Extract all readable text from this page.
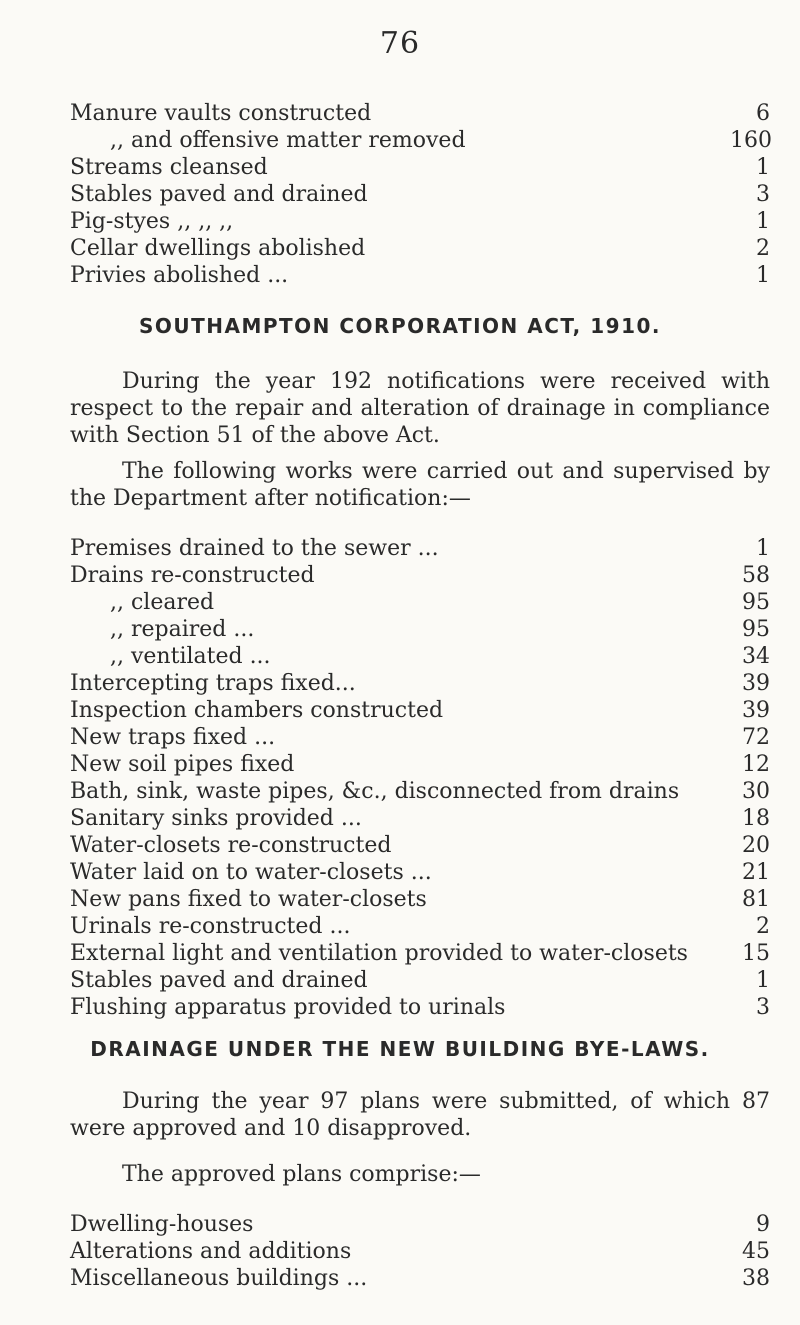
76
Manure vaults constructed	6
,, and offensive matter removed	160
Streams cleansed	1
Stables paved and drained	3
Pig-styes ,, ,, ,,	1
Cellar dwellings abolished	2
Privies abolished ...	1
SOUTHAMPTON CORPORATION ACT, 1910.
During the year 192 notifications were received with respect to the repair and alteration of drainage in compliance with Section 51 of the above Act.
The following works were carried out and supervised by the Department after notification:—
Premises drained to the sewer ...	1
Drains re-constructed	58
,, cleared	95
,, repaired ...	95
,, ventilated ...	34
Intercepting traps fixed...	39
Inspection chambers constructed	39
New traps fixed ...	72
New soil pipes fixed	12
Bath, sink, waste pipes, &c., disconnected from drains	30
Sanitary sinks provided ...	18
Water-closets re-constructed	20
Water laid on to water-closets ...	21
New pans fixed to water-closets	81
Urinals re-constructed ...	2
External light and ventilation provided to water-closets	15
Stables paved and drained	1
Flushing apparatus provided to urinals	3
DRAINAGE UNDER THE NEW BUILDING BYE-LAWS.
During the year 97 plans were submitted, of which 87 were approved and 10 disapproved.
The approved plans comprise:—
Dwelling-houses	9
Alterations and additions	45
Miscellaneous buildings ...	38
